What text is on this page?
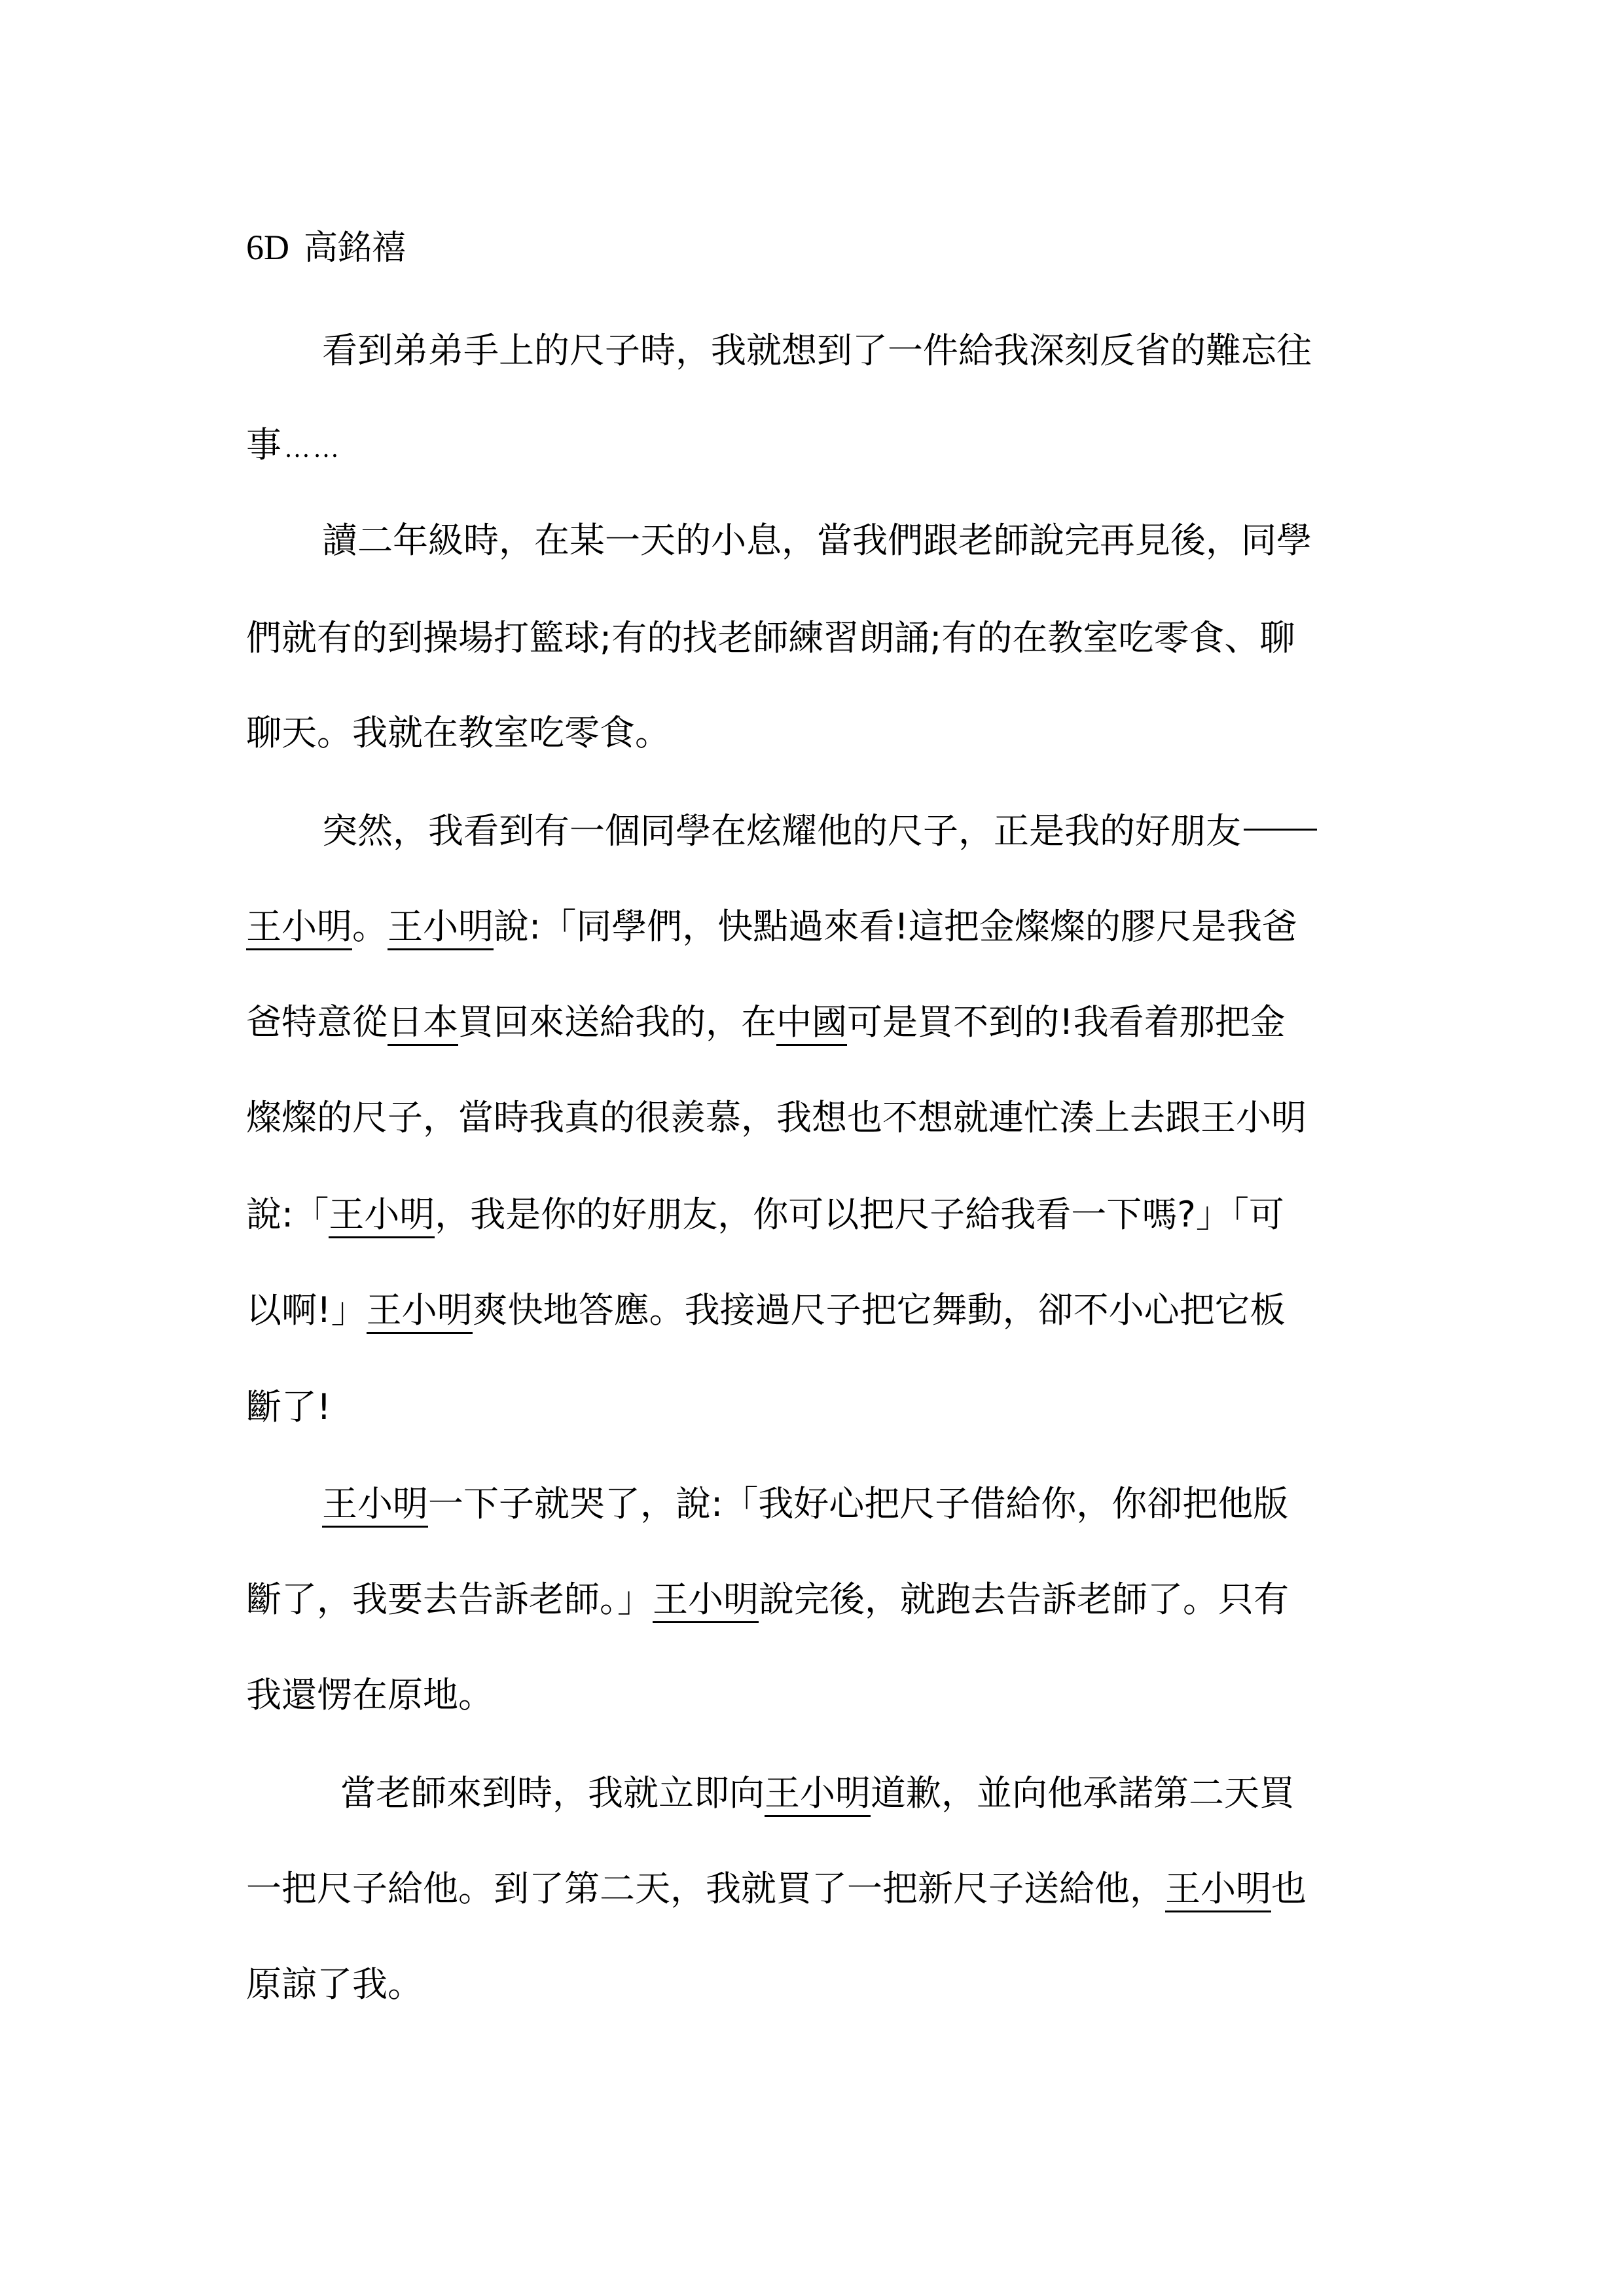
6D 高銘禧
看到弟弟手上的尺子時，我就想到了一件給我深刻反省的難忘往
事 ……
讀二年級時，在某一天的小息，當我們跟老師說完再見後，同學
們就有的到操場打籃球;有的找老師練習朗誦;有的在教室吃零食、聊
聊天。我就在教室吃零食。
突然，我看到有一個同學在炫耀他的尺子，正是我的好朋友
王小明。王小明說:「同學們，快點過來看!這把金燦燦的膠尺是我爸
爸特意從日本買回來送給我的，在中國可是買不到的!我看着那把金
燦燦的尺子，當時我真的很羨慕，我想也不想就連忙湊上去跟王小明
說:「王小明，我是你的好朋友，你可以把尺子給我看一下嗎?」「可
以啊!」王小明爽快地答應。我接過尺子把它舞動，卻不小心把它板
斷了!
王小明一下子就哭了，說:「我好心把尺子借給你，你卻把他版
斷了，我要去告訴老師。」王小明說完後，就跑去告訴老師了。只有
我還愣在原地。
當老師來到時，我就立即向王小明道歉，並向他承諾第二天買
一把尺子給他。到了第二天，我就買了一把新尺子送給他，王小明也
原諒了我。
